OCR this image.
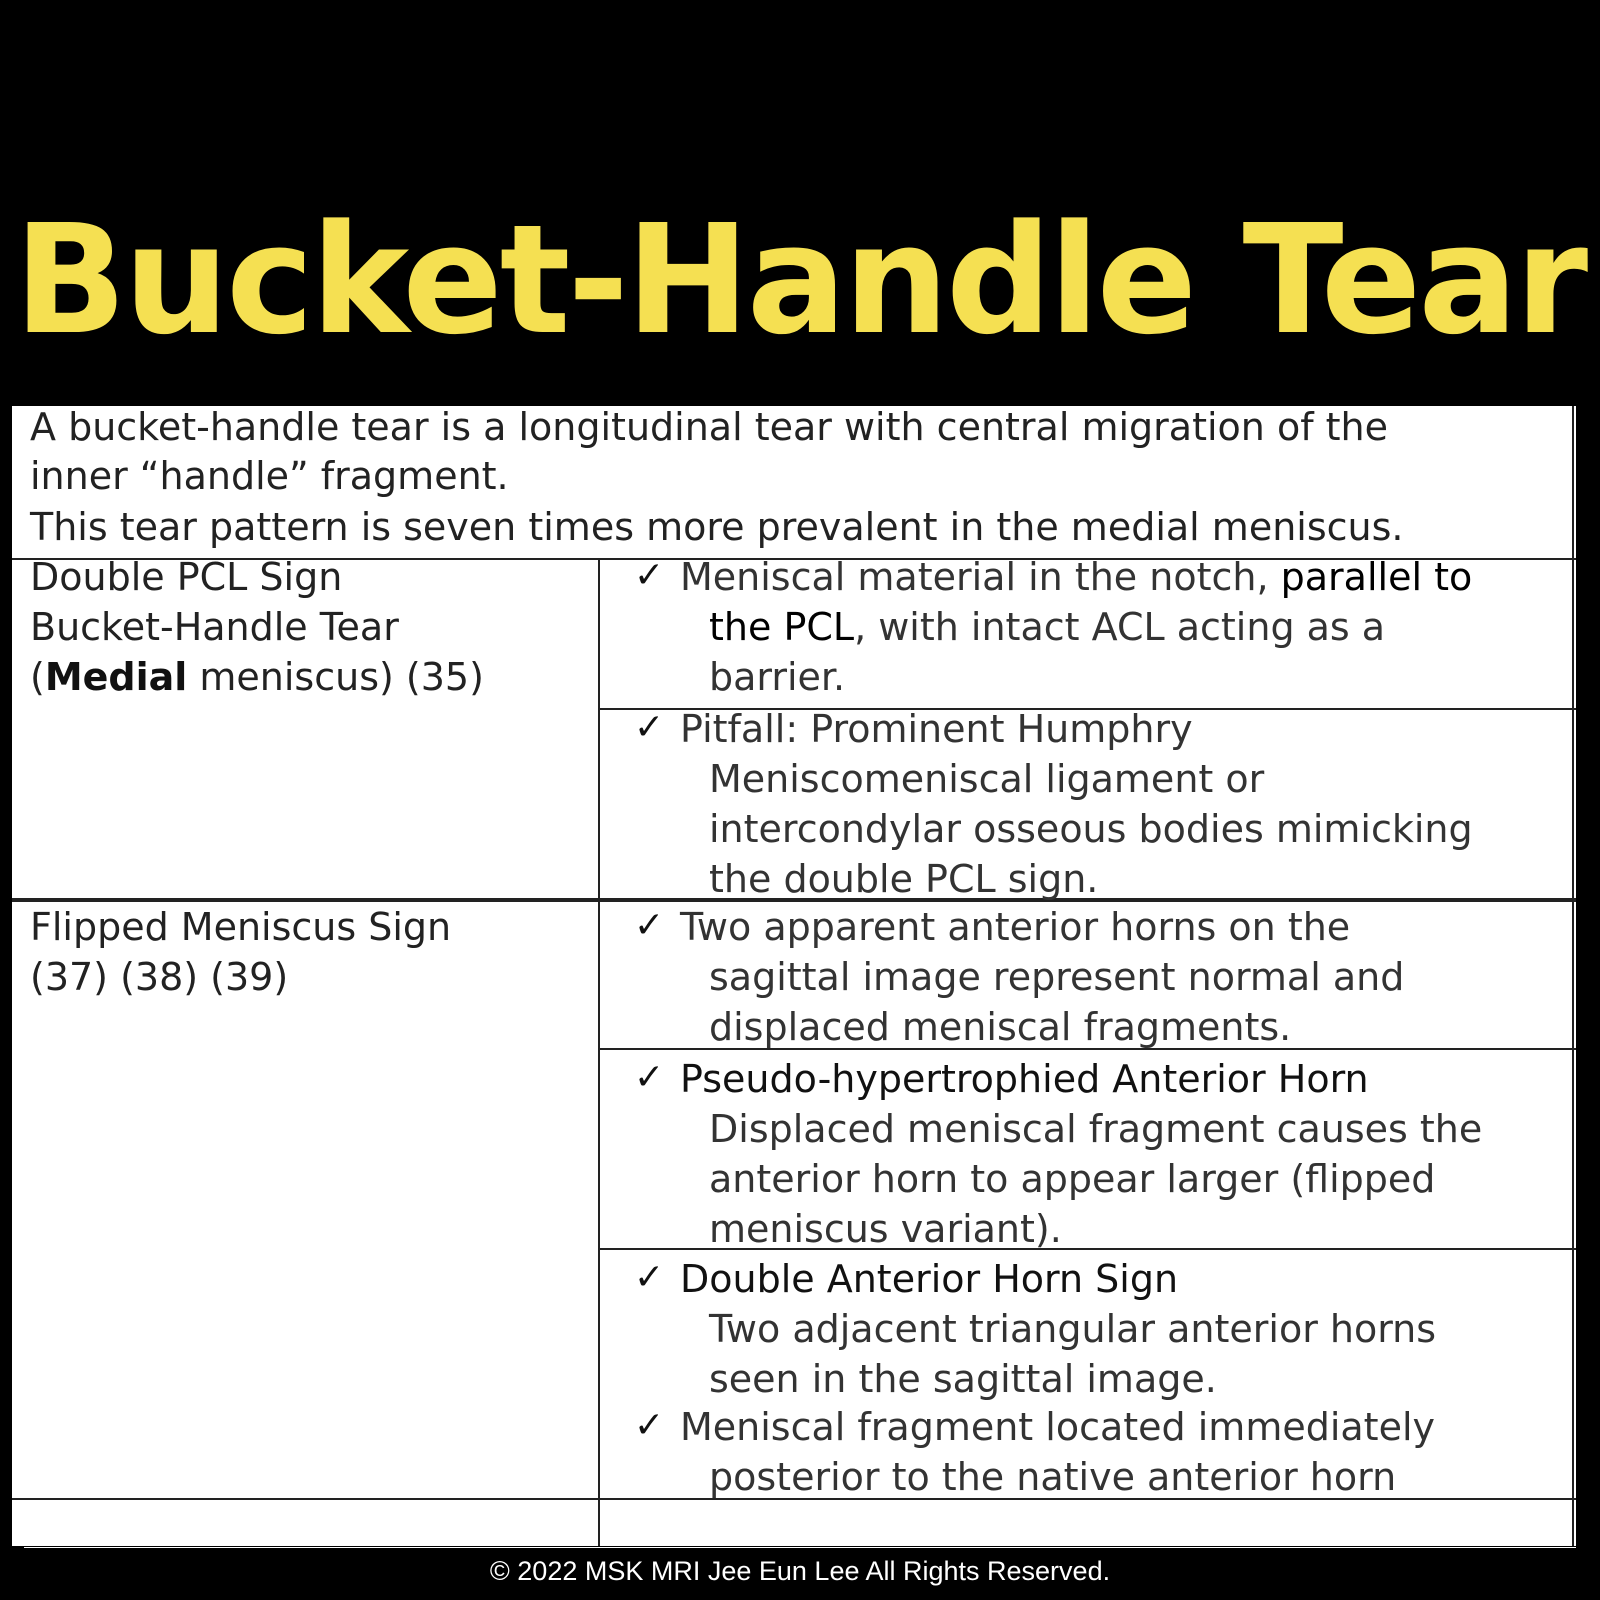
Bucket-Handle Tear
A bucket-handle tear is a longitudinal tear with central migration of the
inner “handle” fragment.
This tear pattern is seven times more prevalent in the medial meniscus.
Double PCL Sign
Bucket-Handle Tear
(Medial meniscus) (35)
✓ Meniscal material in the notch, parallel to
the PCL, with intact ACL acting as a
barrier.
✓ Pitfall: Prominent Humphry
Meniscomeniscal ligament or
intercondylar osseous bodies mimicking
the double PCL sign.
Flipped Meniscus Sign
(37) (38) (39)
✓ Two apparent anterior horns on the
sagittal image represent normal and
displaced meniscal fragments.
✓ Pseudo-hypertrophied Anterior Horn
Displaced meniscal fragment causes the
anterior horn to appear larger (flipped
meniscus variant).
✓ Double Anterior Horn Sign
Two adjacent triangular anterior horns
seen in the sagittal image.
✓ Meniscal fragment located immediately
posterior to the native anterior horn
© 2022 MSK MRI Jee Eun Lee All Rights Reserved.
